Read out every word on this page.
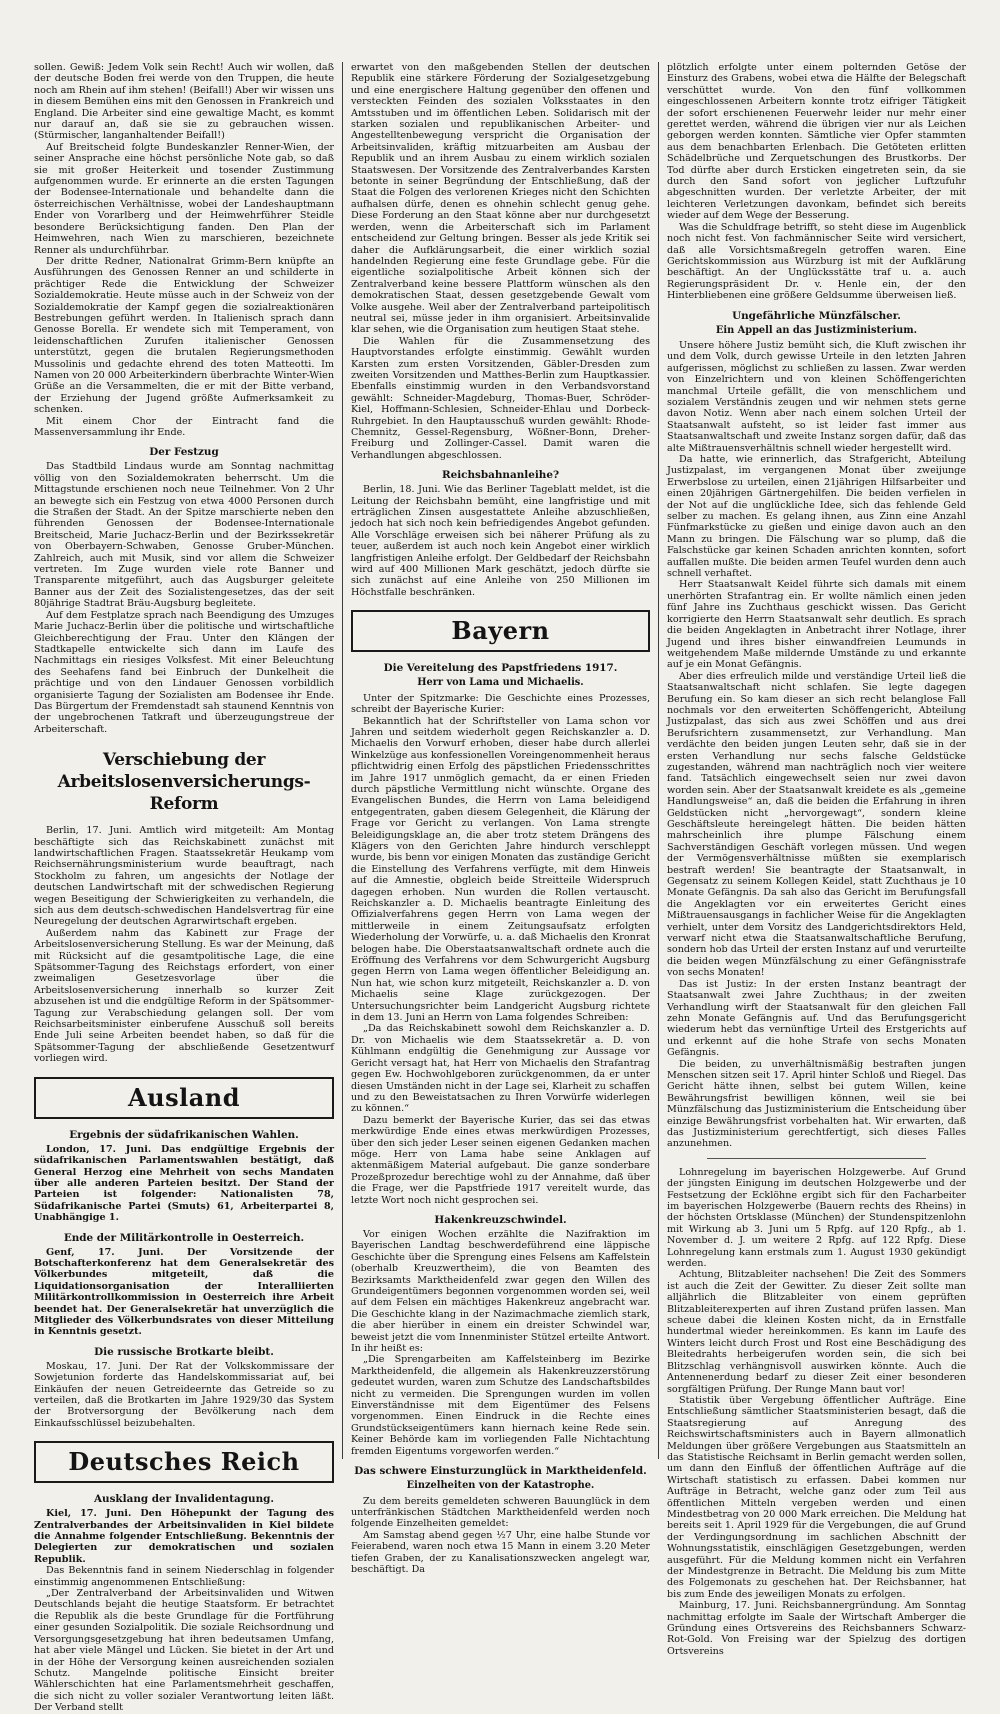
sollen. Gewiß: Jedem Volk sein Recht! Auch wir wollen, daß der deutsche Boden frei werde von den Truppen, die heute noch am Rhein auf ihm stehen! (Beifall!) Aber wir wissen uns in diesem Bemühen eins mit den Genossen in Frankreich und England. Die Arbeiter sind eine gewaltige Macht, es kommt nur darauf an, daß sie sie zu gebrauchen wissen. (Stürmischer, langanhaltender Beifall!)

Auf Breitscheid folgte Bundeskanzler Renner-Wien, der seiner Ansprache eine höchst persönliche Note gab, so daß sie mit großer Heiterkeit und tosender Zustimmung aufgenommen wurde. Er erinnerte an die ersten Tagungen der Bodensee-Internationale und behandelte dann die österreichischen Verhältnisse, wobei der Landeshauptmann Ender von Vorarlberg und der Heimwehrführer Steidle besondere Berücksichtigung fanden. Den Plan der Heimwehren, nach Wien zu marschieren, bezeichnete Renner als undurchführbar.

Der dritte Redner, Nationalrat Grimm-Bern knüpfte an Ausführungen des Genossen Renner an und schilderte in prächtiger Rede die Entwicklung der Schweizer Sozialdemokratie. Heute müsse auch in der Schweiz von der Sozialdemokratie der Kampf gegen die sozialreaktionären Bestrebungen geführt werden. In Italienisch sprach dann Genosse Borella. Er wendete sich mit Temperament, von leidenschaftlichen Zurufen italienischer Genossen unterstützt, gegen die brutalen Regierungsmethoden Mussolinis und gedachte ehrend des toten Matteotti. Im Namen von 20 000 Arbeiterkindern überbrachte Winter-Wien Grüße an die Versammelten, die er mit der Bitte verband, der Erziehung der Jugend größte Aufmerksamkeit zu schenken.

Mit einem Chor der Eintracht fand die Massenversammlung ihr Ende.

Der Festzug

Das Stadtbild Lindaus wurde am Sonntag nachmittag völlig von den Sozialdemokraten beherrscht. Um die Mittagstunde erschienen noch neue Teilnehmer. Von 2 Uhr an bewegte sich ein Festzug von etwa 4000 Personen durch die Straßen der Stadt. An der Spitze marschierte neben den führenden Genossen der Bodensee-Internationale Breitscheid, Marie Juchacz-Berlin und der Bezirkssekretär von Oberbayern-Schwaben, Genosse Gruber-München. Zahlreich, auch mit Musik, sind vor allem die Schweizer vertreten. Im Zuge wurden viele rote Banner und Transparente mitgeführt, auch das Augsburger geleitete Banner aus der Zeit des Sozialistengesetzes, das der seit 80jährige Stadtrat Bräu-Augsburg begleitete.

Auf dem Festplatze sprach nach Beendigung des Umzuges Marie Juchacz-Berlin über die politische und wirtschaftliche Gleichberechtigung der Frau. Unter den Klängen der Stadtkapelle entwickelte sich dann im Laufe des Nachmittags ein riesiges Volksfest. Mit einer Beleuchtung des Seehafens fand bei Einbruch der Dunkelheit die prächtige und von den Lindauer Genossen vorbildlich organisierte Tagung der Sozialisten am Bodensee ihr Ende. Das Bürgertum der Fremdenstadt sah staunend Kenntnis von der ungebrochenen Tatkraft und überzeugungstreue der Arbeiterschaft.

Verschiebung der Arbeitslosenversicherungs-Reform

Berlin, 17. Juni. Amtlich wird mitgeteilt: Am Montag beschäftigte sich das Reichskabinett zunächst mit landwirtschaftlichen Fragen. Staatssekretär Heukamp vom Reichsernährungsministerium wurde beauftragt, nach Stockholm zu fahren, um angesichts der Notlage der deutschen Landwirtschaft mit der schwedischen Regierung wegen Beseitigung der Schwierigkeiten zu verhandeln, die sich aus dem deutsch-schwedischen Handelsvertrag für eine Neuregelung der deutschen Agrarwirtschaft ergeben.

Außerdem nahm das Kabinett zur Frage der Arbeitslosenversicherung Stellung. Es war der Meinung, daß mit Rücksicht auf die gesamtpolitische Lage, die eine Spätsommer-Tagung des Reichstags erfordert, von einer zweimaligen Gesetzesvorlage über die Arbeitslosenversicherung innerhalb so kurzer Zeit abzusehen ist und die endgültige Reform in der Spätsommer-Tagung zur Verabschiedung gelangen soll. Der vom Reichsarbeitsminister einberufene Ausschuß soll bereits Ende Juli seine Arbeiten beendet haben, so daß für die Spätsommer-Tagung der abschließende Gesetzentwurf vorliegen wird.

Ausland
Ergebnis der südafrikanischen Wahlen.

London, 17. Juni. Das endgültige Ergebnis der südafrikanischen Parlamentswahlen bestätigt, daß General Herzog eine Mehrheit von sechs Mandaten über alle anderen Parteien besitzt. Der Stand der Parteien ist folgender: Nationalisten 78, Südafrikanische Partei (Smuts) 61, Arbeiterpartei 8, Unabhängige 1.

Ende der Militärkontrolle in Oesterreich.

Genf, 17. Juni. Der Vorsitzende der Botschafterkonferenz hat dem Generalsekretär des Völkerbundes mitgeteilt, daß die Liquidationsorganisation der Interalliierten Militärkontrollkommission in Oesterreich ihre Arbeit beendet hat. Der Generalsekretär hat unverzüglich die Mitglieder des Völkerbundsrates von dieser Mitteilung in Kenntnis gesetzt.

Die russische Brotkarte bleibt.

Moskau, 17. Juni. Der Rat der Volkskommissare der Sowjetunion forderte das Handelskommissariat auf, bei Einkäufen der neuen Getreideernte das Getreide so zu verteilen, daß die Brotkarten im Jahre 1929/30 das System der Brotversorgung der Bevölkerung nach dem Einkaufsschlüssel beizubehalten.

Deutsches Reich
Ausklang der Invalidentagung.

Kiel, 17. Juni. Den Höhepunkt der Tagung des Zentralverbandes der Arbeitsinvaliden in Kiel bildete die Annahme folgender Entschließung. Bekenntnis der Delegierten zur demokratischen und sozialen Republik.

Das Bekenntnis fand in seinem Niederschlag in folgender einstimmig angenommenen Entschließung:

„Der Zentralverband der Arbeitsinvaliden und Witwen Deutschlands bejaht die heutige Staatsform. Er betrachtet die Republik als die beste Grundlage für die Fortführung einer gesunden Sozialpolitik. Die soziale Reichsordnung und Versorgungsgesetzgebung hat ihren bedeutsamen Umfang, hat aber viele Mängel und Lücken. Sie bietet in der Art und in der Höhe der Versorgung keinen ausreichenden sozialen Schutz. Mangelnde politische Einsicht breiter Wählerschichten hat eine Parlamentsmehrheit geschaffen, die sich nicht zu voller sozialer Verantwortung leiten läßt. Der Verband stellt

erwartet von den maßgebenden Stellen der deutschen Republik eine stärkere Förderung der Sozialgesetzgebung und eine energischere Haltung gegenüber den offenen und versteckten Feinden des sozialen Volksstaates in den Amtsstuben und im öffentlichen Leben. Solidarisch mit der starken sozialen und republikanischen Arbeiter- und Angestelltenbewegung verspricht die Organisation der Arbeitsinvaliden, kräftig mitzuarbeiten am Ausbau der Republik und an ihrem Ausbau zu einem wirklich sozialen Staatswesen. Der Vorsitzende des Zentralverbandes Karsten betonte in seiner Begründung der Entschließung, daß der Staat die Folgen des verlorenen Krieges nicht den Schichten aufhalsen dürfe, denen es ohnehin schlecht genug gehe. Diese Forderung an den Staat könne aber nur durchgesetzt werden, wenn die Arbeiterschaft sich im Parlament entscheidend zur Geltung bringen. Besser als jede Kritik sei daher die Aufklärungsarbeit, die einer wirklich sozial handelnden Regierung eine feste Grundlage gebe. Für die eigentliche sozialpolitische Arbeit können sich der Zentralverband keine bessere Plattform wünschen als den demokratischen Staat, dessen gesetzgebende Gewalt vom Volke ausgehe. Weil aber der Zentralverband parteipolitisch neutral sei, müsse jeder in ihm organisiert. Arbeitsinvalide klar sehen, wie die Organisation zum heutigen Staat stehe.

Die Wahlen für die Zusammensetzung des Hauptvorstandes erfolgte einstimmig. Gewählt wurden Karsten zum ersten Vorsitzenden, Gäbler-Dresden zum zweiten Vorsitzenden und Matthes-Berlin zum Hauptkassier. Ebenfalls einstimmig wurden in den Verbandsvorstand gewählt: Schneider-Magdeburg, Thomas-Buer, Schröder-Kiel, Hoffmann-Schlesien, Schneider-Ehlau und Dorbeck-Ruhrgebiet. In den Hauptausschuß wurden gewählt: Rhode-Chemnitz, Gessel-Regensburg, Wößner-Bonn, Dreher-Freiburg und Zollinger-Cassel. Damit waren die Verhandlungen abgeschlossen.

Reichsbahnanleihe?

Berlin, 18. Juni. Wie das Berliner Tageblatt meldet, ist die Leitung der Reichsbahn bemüht, eine langfristige und mit erträglichen Zinsen ausgestattete Anleihe abzuschließen, jedoch hat sich noch kein befriedigendes Angebot gefunden. Alle Vorschläge erweisen sich bei näherer Prüfung als zu teuer, außerdem ist auch noch kein Angebot einer wirklich langfristigen Anleihe erfolgt. Der Geldbedarf der Reichsbahn wird auf 400 Millionen Mark geschätzt, jedoch dürfte sie sich zunächst auf eine Anleihe von 250 Millionen im Höchstfalle beschränken.

Bayern
Die Vereitelung des Papstfriedens 1917.
Herr von Lama und Michaelis.

Unter der Spitzmarke: Die Geschichte eines Prozesses, schreibt der Bayerische Kurier:

Bekanntlich hat der Schriftsteller von Lama schon vor Jahren und seitdem wiederholt gegen Reichskanzler a. D. Michaelis den Vorwurf erhoben, dieser habe durch allerlei Winkelzüge aus konfessionellen Voreingenommenheit heraus pflichtwidrig einen Erfolg des päpstlichen Friedensschrittes im Jahre 1917 unmöglich gemacht, da er einen Frieden durch päpstliche Vermittlung nicht wünschte. Organe des Evangelischen Bundes, die Herrn von Lama beleidigend entgegentraten, gaben diesem Gelegenheit, die Klärung der Frage vor Gericht zu verlangen. Von Lama strengte Beleidigungsklage an, die aber trotz stetem Drängens des Klägers von den Gerichten Jahre hindurch verschleppt wurde, bis benn vor einigen Monaten das zuständige Gericht die Einstellung des Verfahrens verfügte, mit dem Hinweis auf die Amnestie, obgleich beide Streitteile Widerspruch dagegen erhoben. Nun wurden die Rollen vertauscht. Reichskanzler a. D. Michaelis beantragte Einleitung des Offizialverfahrens gegen Herrn von Lama wegen der mittlerweile in einem Zeitungsaufsatz erfolgten Wiederholung der Vorwürfe, u. a. daß Michaelis den Kronrat belogen habe. Die Oberstaatsanwaltschaft ordnete auch die Eröffnung des Verfahrens vor dem Schwurgericht Augsburg gegen Herrn von Lama wegen öffentlicher Beleidigung an. Nun hat, wie schon kurz mitgeteilt, Reichskanzler a. D. von Michaelis seine Klage zurückgezogen. Der Untersuchungsrichter beim Landgericht Augsburg richtete in dem 13. Juni an Herrn von Lama folgendes Schreiben:

„Da das Reichskabinett sowohl dem Reichskanzler a. D. Dr. von Michaelis wie dem Staatssekretär a. D. von Kühlmann endgültig die Genehmigung zur Aussage vor Gericht versagt hat, hat Herr von Michaelis den Strafantrag gegen Ew. Hochwohlgeboren zurückgenommen, da er unter diesen Umständen nicht in der Lage sei, Klarheit zu schaffen und zu den Beweistatsachen zu Ihren Vorwürfe widerlegen zu können.“

Dazu bemerkt der Bayerische Kurier, das sei das etwas merkwürdige Ende eines etwas merkwürdigen Prozesses, über den sich jeder Leser seinen eigenen Gedanken machen möge. Herr von Lama habe seine Anklagen auf aktenmäßigem Material aufgebaut. Die ganze sonderbare Prozeßprozedur berechtige wohl zu der Annahme, daß über die Frage, wer die Papstfriede 1917 vereitelt wurde, das letzte Wort noch nicht gesprochen sei.

Hakenkreuzschwindel.

Vor einigen Wochen erzählte die Nazifraktion im Bayerischen Landtag beschwerdeführend eine läppische Geschichte über die Sprengung eines Felsens am Kaffelstein (oberhalb Kreuzwertheim), die von Beamten des Bezirksamts Marktheidenfeld zwar gegen den Willen des Grundeigentümers begonnen vorgenommen worden sei, weil auf dem Felsen ein mächtiges Hakenkreuz angebracht war. Die Geschichte klang in der Nazimachmache ziemlich stark, die aber hierüber in einem ein dreister Schwindel war, beweist jetzt die vom Innenminister Stützel erteilte Antwort. In ihr heißt es:

„Die Sprengarbeiten am Kaffelsteinberg im Bezirke Marktheidenfeld, die allgemein als Hakenkreuzzerstörung gedeutet wurden, waren zum Schutze des Landschaftsbildes nicht zu vermeiden. Die Sprengungen wurden im vollen Einverständnisse mit dem Eigentümer des Felsens vorgenommen. Einen Eindruck in die Rechte eines Grundstückseigentümers kann hiernach keine Rede sein. Keiner Behörde kam im vorliegenden Falle Nichtachtung fremden Eigentums vorgeworfen werden.“

Das schwere Einsturzunglück in Marktheidenfeld.
Einzelheiten von der Katastrophe.

Zu dem bereits gemeldeten schweren Bauunglück in dem unterfränkischen Städtchen Marktheidenfeld werden noch folgende Einzelheiten gemeldet:

Am Samstag abend gegen ½7 Uhr, eine halbe Stunde vor Feierabend, waren noch etwa 15 Mann in einem 3.20 Meter tiefen Graben, der zu Kanalisationszwecken angelegt war, beschäftigt. Da

plötzlich erfolgte unter einem polternden Getöse der Einsturz des Grabens, wobei etwa die Hälfte der Belegschaft verschüttet wurde. Von den fünf vollkommen eingeschlossenen Arbeitern konnte trotz eifriger Tätigkeit der sofort erschienenen Feuerwehr leider nur mehr einer gerettet werden, während die übrigen vier nur als Leichen geborgen werden konnten. Sämtliche vier Opfer stammten aus dem benachbarten Erlenbach. Die Getöteten erlitten Schädelbrüche und Zerquetschungen des Brustkorbs. Der Tod dürfte aber durch Ersticken eingetreten sein, da sie durch den Sand sofort von jeglicher Luftzufuhr abgeschnitten wurden. Der verletzte Arbeiter, der mit leichteren Verletzungen davonkam, befindet sich bereits wieder auf dem Wege der Besserung.

Was die Schuldfrage betrifft, so steht diese im Augenblick noch nicht fest. Von fachmännischer Seite wird versichert, daß alle Vorsichtsmaßregeln getroffen waren. Eine Gerichtskommission aus Würzburg ist mit der Aufklärung beschäftigt. An der Unglücksstätte traf u. a. auch Regierungspräsident Dr. v. Henle ein, der den Hinterbliebenen eine größere Geldsumme überweisen ließ.

Ungefährliche Münzfälscher.
Ein Appell an das Justizministerium.

Unsere höhere Justiz bemüht sich, die Kluft zwischen ihr und dem Volk, durch gewisse Urteile in den letzten Jahren aufgerissen, möglichst zu schließen zu lassen. Zwar werden von Einzelrichtern und von kleinen Schöffengerichten manchmal Urteile gefällt, die von menschlichem und sozialem Verständnis zeugen und wir nehmen stets gerne davon Notiz. Wenn aber nach einem solchen Urteil der Staatsanwalt aufsteht, so ist leider fast immer aus Staatsanwaltschaft und zweite Instanz sorgen dafür, daß das alte Mißtrauensverhältnis schnell wieder hergestellt wird.

Da hatte, wie erinnerlich, das Strafgericht, Abteilung Justizpalast, im vergangenen Monat über zweijunge Erwerbslose zu urteilen, einen 21jährigen Hilfsarbeiter und einen 20jährigen Gärtnergehilfen. Die beiden verfielen in der Not auf die unglückliche Idee, sich das fehlende Geld selber zu machen. Es gelang ihnen, aus Zinn eine Anzahl Fünfmarkstücke zu gießen und einige davon auch an den Mann zu bringen. Die Fälschung war so plump, daß die Falschstücke gar keinen Schaden anrichten konnten, sofort auffallen mußte. Die beiden armen Teufel wurden denn auch schnell verhaftet.

Herr Staatsanwalt Keidel führte sich damals mit einem unerhörten Strafantrag ein. Er wollte nämlich einen jeden fünf Jahre ins Zuchthaus geschickt wissen. Das Gericht korrigierte den Herrn Staatsanwalt sehr deutlich. Es sprach die beiden Angeklagten in Anbetracht ihrer Notlage, ihrer Jugend und ihres bisher einwandfreien Leumunds in weitgehendem Maße mildernde Umstände zu und erkannte auf je ein Monat Gefängnis.

Aber dies erfreulich milde und verständige Urteil ließ die Staatsanwaltschaft nicht schlafen. Sie legte dagegen Berufung ein. So kam dieser an sich recht belanglose Fall nochmals vor den erweiterten Schöffengericht, Abteilung Justizpalast, das sich aus zwei Schöffen und aus drei Berufsrichtern zusammensetzt, zur Verhandlung. Man verdächte den beiden jungen Leuten sehr, daß sie in der ersten Verhandlung nur sechs falsche Geldstücke zugestanden, während man nachträglich noch vier weitere fand. Tatsächlich eingewechselt seien nur zwei davon worden sein. Aber der Staatsanwalt kreidete es als „gemeine Handlungsweise“ an, daß die beiden die Erfahrung in ihren Geldstücken nicht „hervorgewagt“, sondern kleine Geschäftsleute hereingelegt hätten. Die beiden hätten mahrscheinlich ihre plumpe Fälschung einem Sachverständigen Geschäft vorlegen müssen. Und wegen der Vermögensverhältnisse müßten sie exemplarisch bestraft werden! Sie beantragte der Staatsanwalt, in Gegensatz zu seinem Kollegen Keidel, statt Zuchthaus je 10 Monate Gefängnis. Da sah also das Gericht im Berufungsfall die Angeklagten vor ein erweitertes Gericht eines Mißtrauensausgangs in fachlicher Weise für die Angeklagten verhielt, unter dem Vorsitz des Landgerichtsdirektors Held, verwarf nicht etwa die Staatsanwaltschaftliche Berufung, sondern hob das Urteil der ersten Instanz auf und verurteilte die beiden wegen Münzfälschung zu einer Gefängnisstrafe von sechs Monaten!

Das ist Justiz: In der ersten Instanz beantragt der Staatsanwalt zwei Jahre Zuchthaus; in der zweiten Verhandlung wirft der Staatsanwalt für den gleichen Fall zehn Monate Gefängnis auf. Und das Berufungsgericht wiederum hebt das vernünftige Urteil des Erstgerichts auf und erkennt auf die hohe Strafe von sechs Monaten Gefängnis.

Die beiden, zu unverhältnismäßig bestraften jungen Menschen sitzen seit 17. April hinter Schloß und Riegel. Das Gericht hätte ihnen, selbst bei gutem Willen, keine Bewährungsfrist bewilligen können, weil sie bei Münzfälschung das Justizministerium die Entscheidung über einzige Bewährungsfrist vorbehalten hat. Wir erwarten, daß das Justizministerium gerechtfertigt, sich dieses Falles anzunehmen.

Lohnregelung im bayerischen Holzgewerbe. Auf Grund der jüngsten Einigung im deutschen Holzgewerbe und der Festsetzung der Ecklöhne ergibt sich für den Facharbeiter im bayerischen Holzgewerbe (Bauern rechts des Rheins) in der höchsten Ortsklasse (München) der Stundenspitzenlohn mit Wirkung ab 3. Juni um 5 Rpfg. auf 120 Rpfg., ab 1. November d. J. um weitere 2 Rpfg. auf 122 Rpfg. Diese Lohnregelung kann erstmals zum 1. August 1930 gekündigt werden.

Achtung, Blitzableiter nachsehen! Die Zeit des Sommers ist auch die Zeit der Gewitter. Zu dieser Zeit sollte man alljährlich die Blitzableiter von einem geprüften Blitzableiterexperten auf ihren Zustand prüfen lassen. Man scheue dabei die kleinen Kosten nicht, da in Ernstfalle hundertmal wieder hereinkommen. Es kann im Laufe des Winters leicht durch Frost und Rost eine Beschädigung des Bleitedrahts herbeigerufen worden sein, die sich bei Blitzschlag verhängnisvoll auswirken könnte. Auch die Antennenerdung bedarf zu dieser Zeit einer besonderen sorgfältigen Prüfung. Der Runge Mann baut vor!

Statistik über Vergebung öffentlicher Aufträge. Eine Entschließung sämtlicher Staatsministerien besagt, daß die Staatsregierung auf Anregung des Reichswirtschaftsministers auch in Bayern allmonatlich Meldungen über größere Vergebungen aus Staatsmitteln an das Statistische Reichsamt in Berlin gemacht werden sollen, um dann den Einfluß der öffentlichen Aufträge auf die Wirtschaft statistisch zu erfassen. Dabei kommen nur Aufträge in Betracht, welche ganz oder zum Teil aus öffentlichen Mitteln vergeben werden und einen Mindestbetrag von 20 000 Mark erreichen. Die Meldung hat bereits seit 1. April 1929 für die Vergebungen, die auf Grund der Verdingungsordnung im sachlichen Abschnitt der Wohnungsstatistik, einschlägigen Gesetzgebungen, werden ausgeführt. Für die Meldung kommen nicht ein Verfahren der Mindestgrenze in Betracht. Die Meldung bis zum Mitte des Folgemonats zu geschehen hat. Der Reichsbanner, hat bis zum Ende des jeweiligen Monats zu erfolgen.

Mainburg, 17. Juni. Reichsbannergründung. Am Sonntag nachmittag erfolgte im Saale der Wirtschaft Amberger die Gründung eines Ortsvereins des Reichsbanners Schwarz-Rot-Gold. Von Freising war der Spielzug des dortigen Ortsvereins
